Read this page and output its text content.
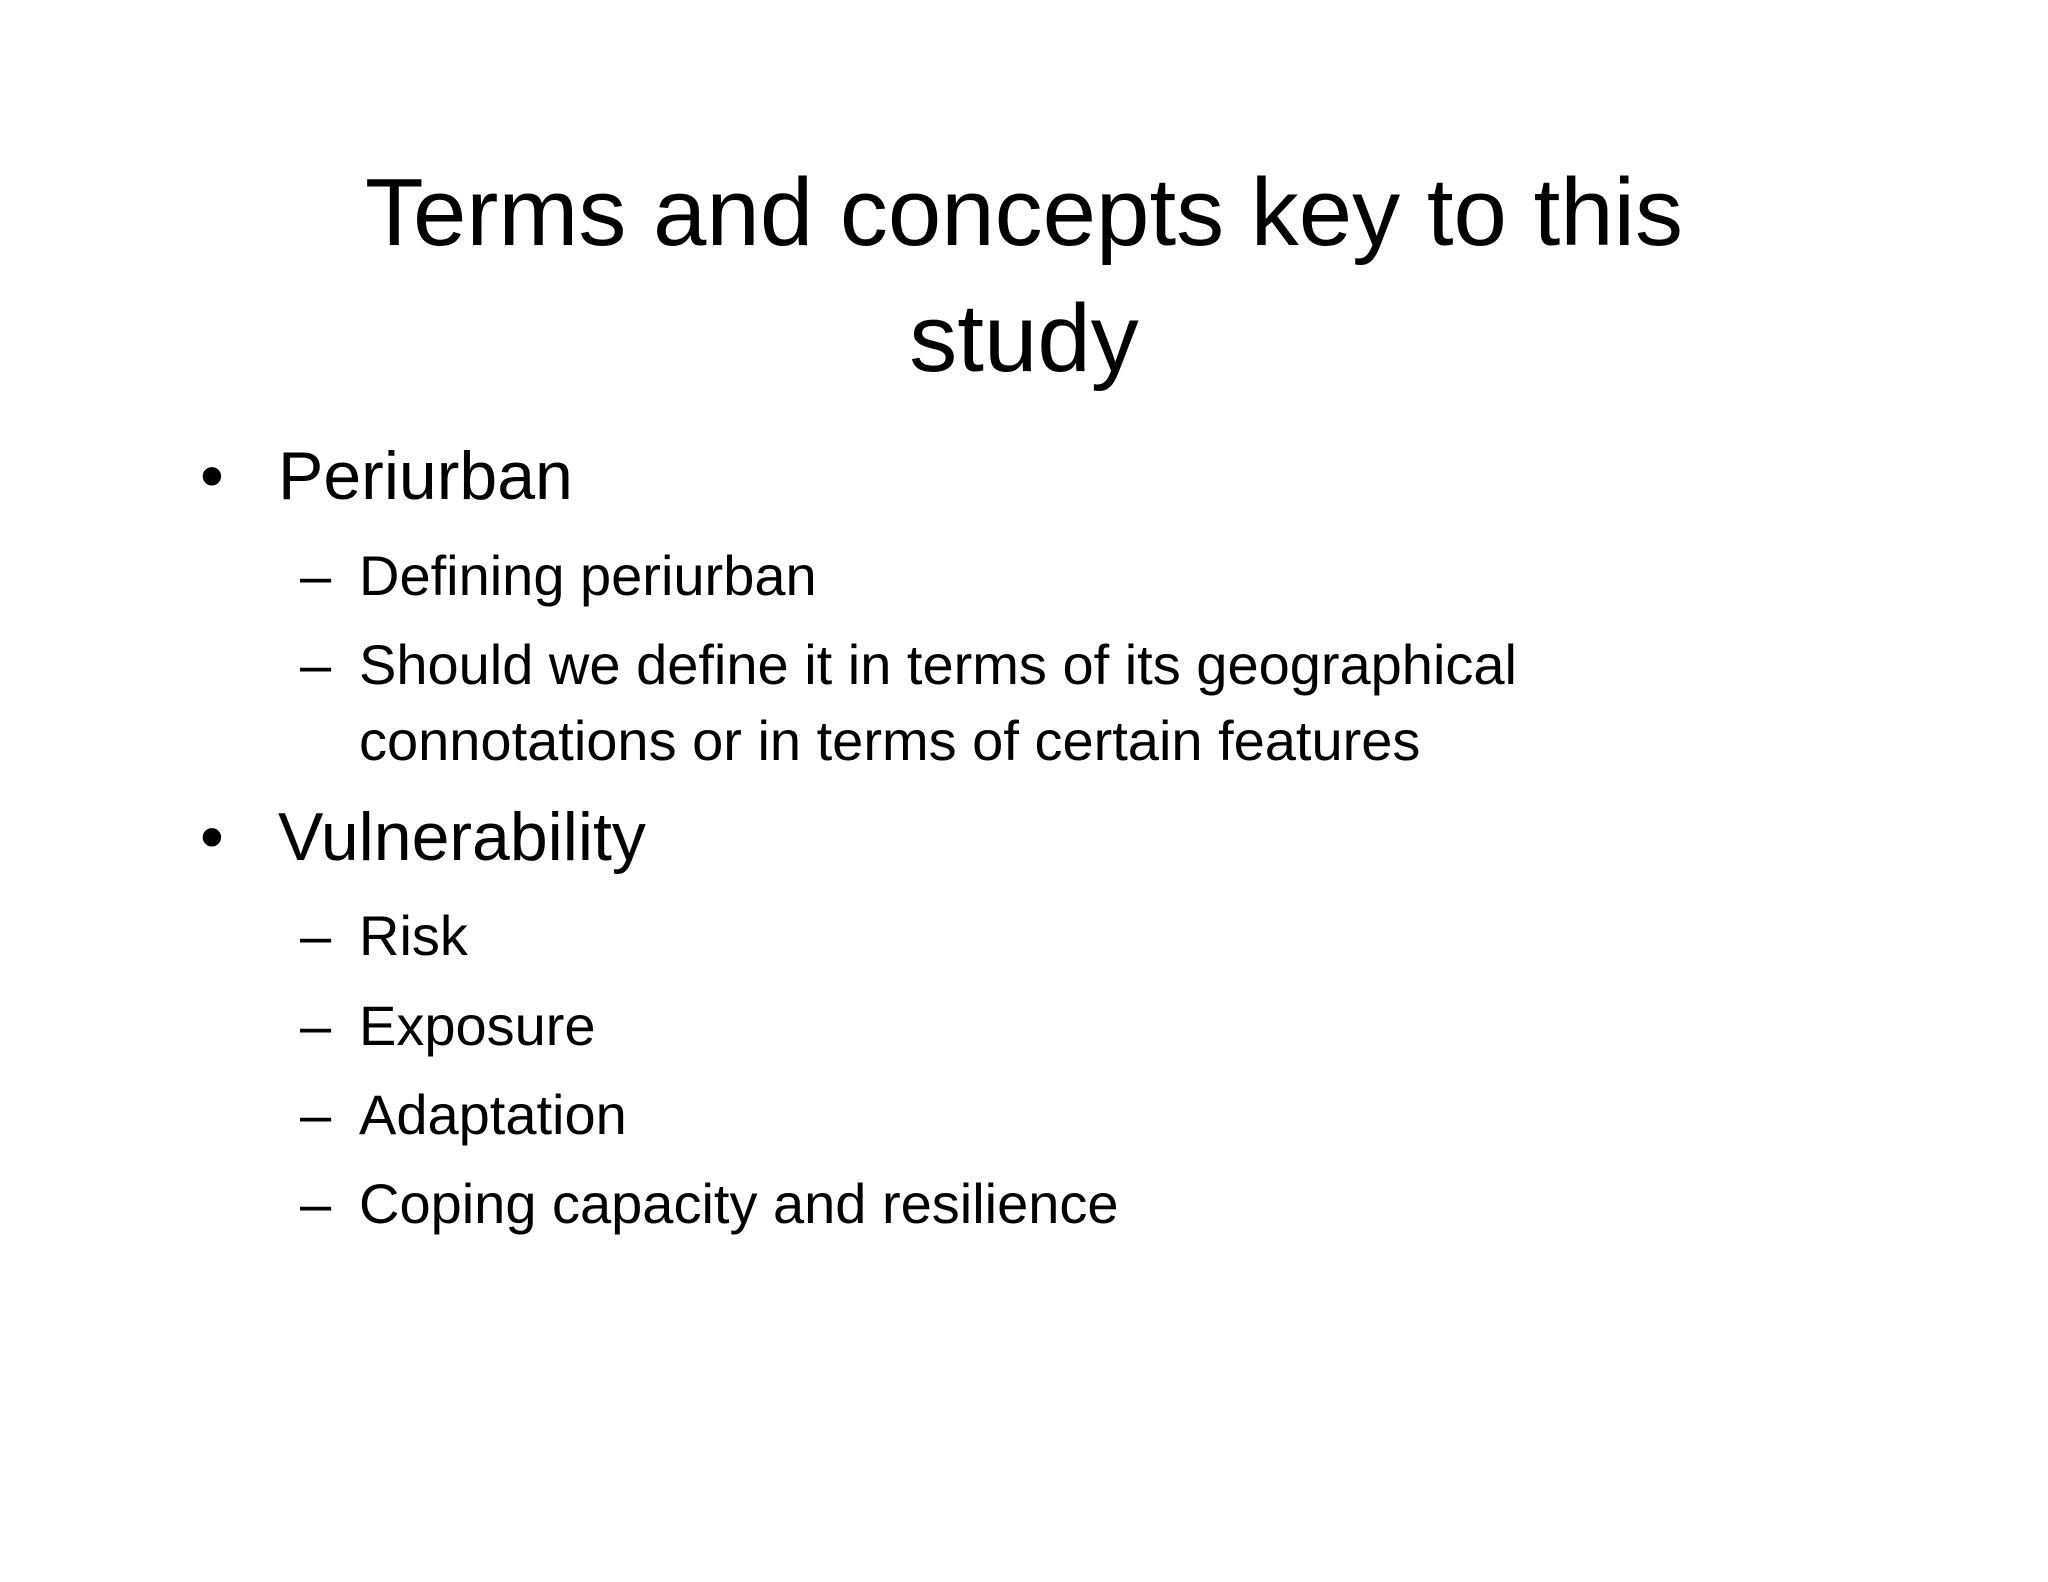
Terms and concepts key to this
study
• Periurban
– Defining periurban
– Should we define it in terms of its geographical
connotations or in terms of certain features
• Vulnerability
– Risk
– Exposure
– Adaptation
– Coping capacity and resilience
